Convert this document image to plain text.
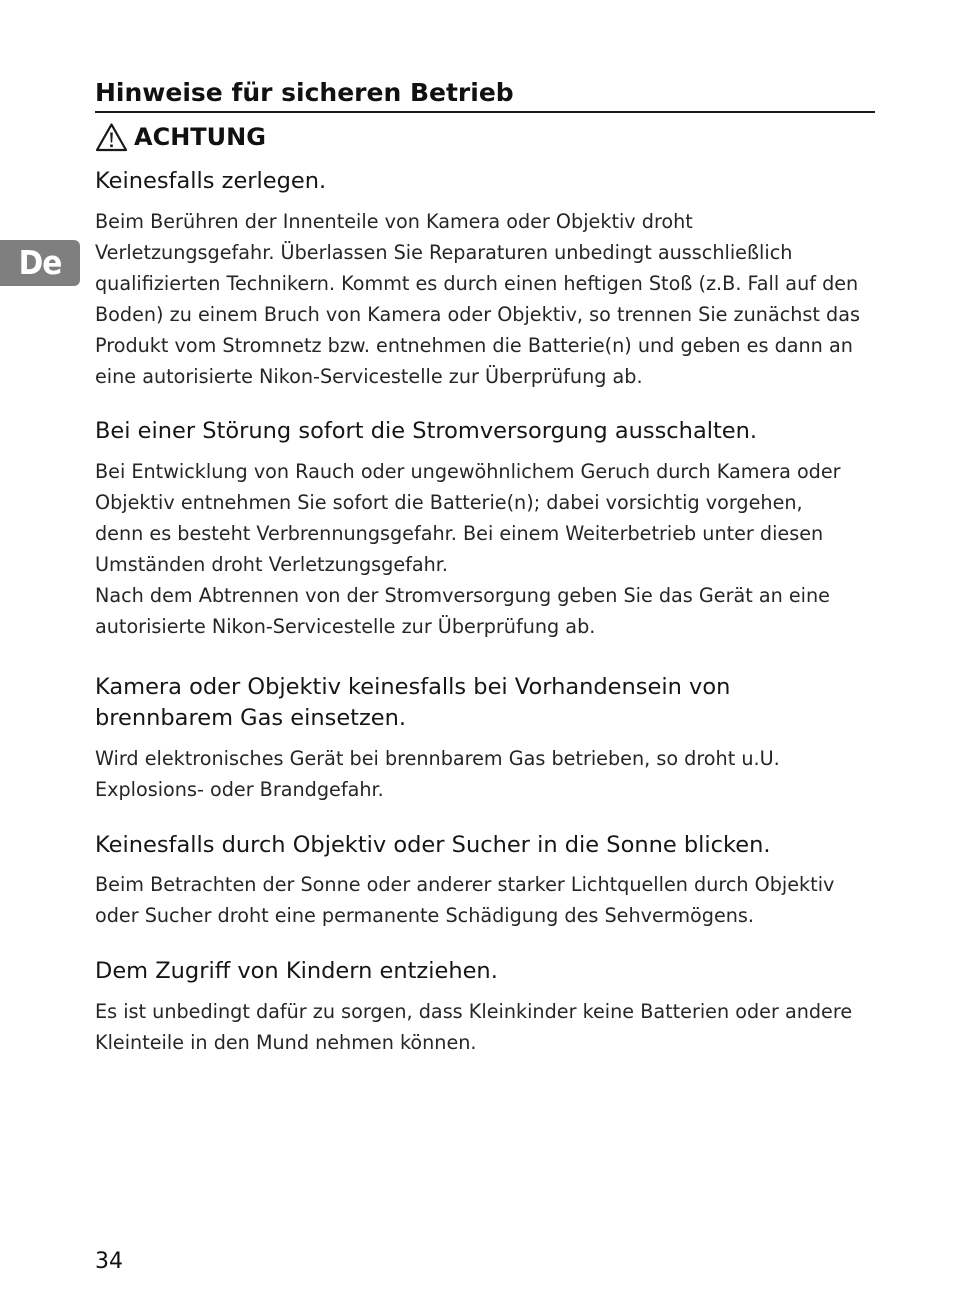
Hinweise für sicheren Betrieb
ACHTUNG
De
Keinesfalls zerlegen.
Beim Berühren der Innenteile von Kamera oder Objektiv droht
Verletzungsgefahr. Überlassen Sie Reparaturen unbedingt ausschließlich
qualifizierten Technikern. Kommt es durch einen heftigen Stoß (z.B. Fall auf den
Boden) zu einem Bruch von Kamera oder Objektiv, so trennen Sie zunächst das
Produkt vom Stromnetz bzw. entnehmen die Batterie(n) und geben es dann an
eine autorisierte Nikon-Servicestelle zur Überprüfung ab.
Bei einer Störung sofort die Stromversorgung ausschalten.
Bei Entwicklung von Rauch oder ungewöhnlichem Geruch durch Kamera oder
Objektiv entnehmen Sie sofort die Batterie(n); dabei vorsichtig vorgehen,
denn es besteht Verbrennungsgefahr. Bei einem Weiterbetrieb unter diesen
Umständen droht Verletzungsgefahr.
Nach dem Abtrennen von der Stromversorgung geben Sie das Gerät an eine
autorisierte Nikon-Servicestelle zur Überprüfung ab.
Kamera oder Objektiv keinesfalls bei Vorhandensein von
brennbarem Gas einsetzen.
Wird elektronisches Gerät bei brennbarem Gas betrieben, so droht u.U.
Explosions- oder Brandgefahr.
Keinesfalls durch Objektiv oder Sucher in die Sonne blicken.
Beim Betrachten der Sonne oder anderer starker Lichtquellen durch Objektiv
oder Sucher droht eine permanente Schädigung des Sehvermögens.
Dem Zugriff von Kindern entziehen.
Es ist unbedingt dafür zu sorgen, dass Kleinkinder keine Batterien oder andere
Kleinteile in den Mund nehmen können.
34
